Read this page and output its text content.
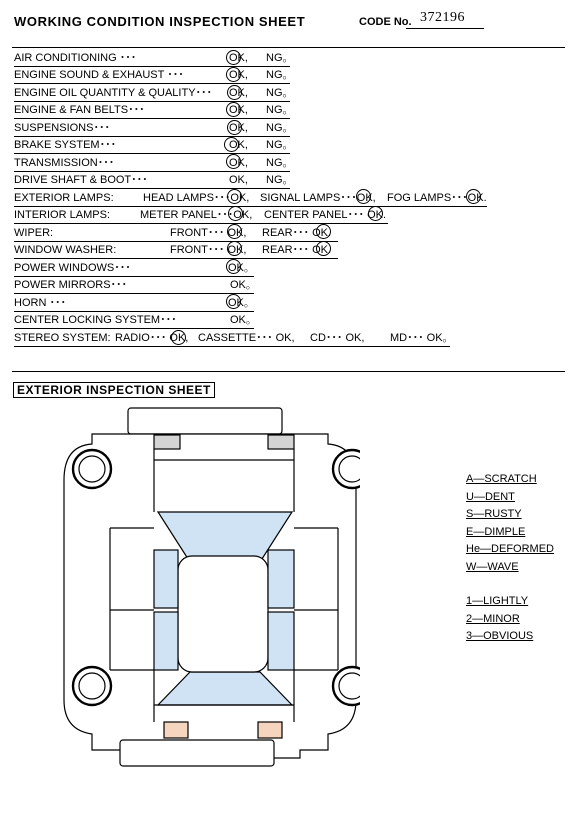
WORKING CONDITION INSPECTION SHEET	CODE No. 372196
AIR CONDITIONING ･･･	OK, NG。
ENGINE SOUND & EXHAUST ･･･	OK, NG。
ENGINE OIL QUANTITY & QUALITY･･･ OK, NG。
ENGINE & FAN BELTS･･･	OK, NG。
SUSPENSIONS･･･	OK, NG。
BRAKE SYSTEM･･･	OK, NG。
TRANSMISSION･･･	OK, NG。
DRIVE SHAFT & BOOT･･･	OK, NG。
EXTERIOR LAMPS:	HEAD LAMPS･･･OK, SIGNAL LAMPS･･･OK, FOG LAMPS･･･OK.
INTERIOR LAMPS:	METER PANEL･･･OK, CENTER PANEL･･･ OK.
WIPER:	FRONT･･･ OK, REAR･･･ OK.
WINDOW WASHER:	FRONT･･･ OK, REAR･･･ OK.
POWER WINDOWS･･･	OK。
POWER MIRRORS･･･	OK。
HORN ･･･	OK。
CENTER LOCKING SYSTEM･･･	OK。
STEREO SYSTEM: RADIO･･･ OK, CASSETTE･･･ OK, CD･･･ OK, MD･･･ OK。
EXTERIOR INSPECTION SHEET
A—SCRATCH
U—DENT
S—RUSTY
E—DIMPLE
He—DEFORMED
W—WAVE
1—LIGHTLY
2—MINOR
3—OBVIOUS
